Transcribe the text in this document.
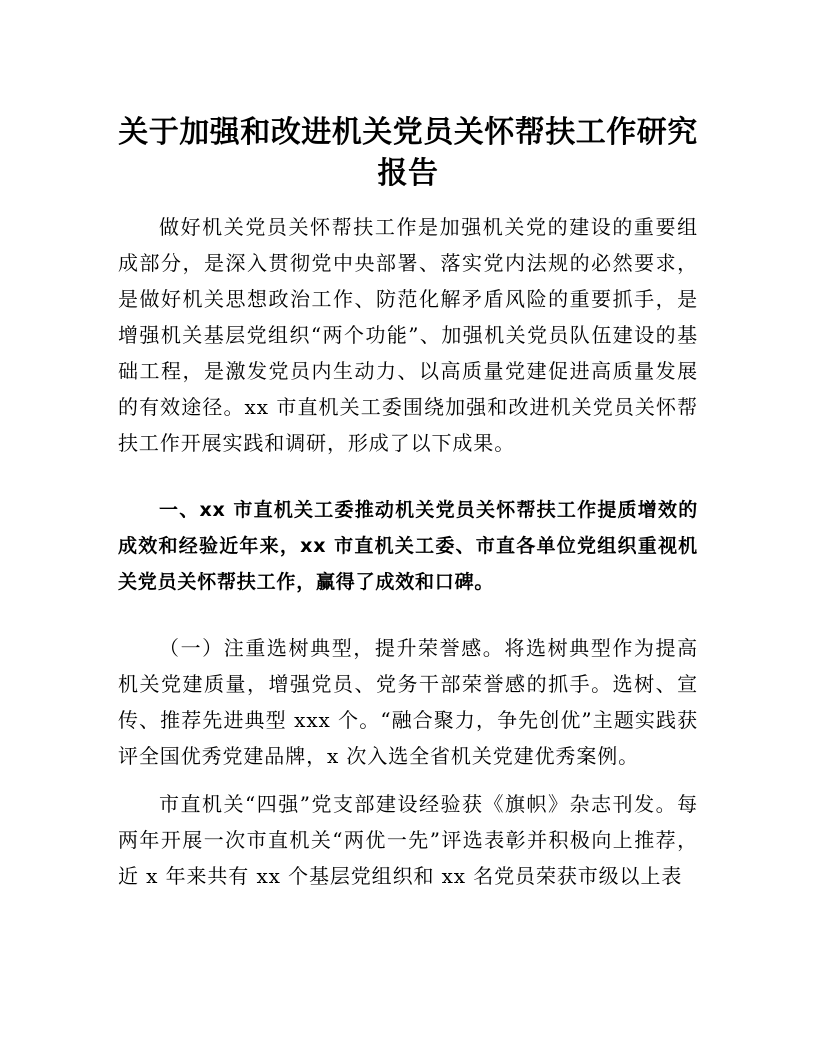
关于加强和改进机关党员关怀帮扶工作研究报告

做好机关党员关怀帮扶工作是加强机关党的建设的重要组成部分，是深入贯彻党中央部署、落实党内法规的必然要求，是做好机关思想政治工作、防范化解矛盾风险的重要抓手，是增强机关基层党组织“两个功能”、加强机关党员队伍建设的基础工程，是激发党员内生动力、以高质量党建促进高质量发展的有效途径。xx 市直机关工委围绕加强和改进机关党员关怀帮扶工作开展实践和调研，形成了以下成果。

一、xx 市直机关工委推动机关党员关怀帮扶工作提质增效的成效和经验近年来，xx 市直机关工委、市直各单位党组织重视机关党员关怀帮扶工作，赢得了成效和口碑。

（一）注重选树典型，提升荣誉感。将选树典型作为提高机关党建质量，增强党员、党务干部荣誉感的抓手。选树、宣传、推荐先进典型 xxx 个。“融合聚力，争先创优”主题实践获评全国优秀党建品牌，x 次入选全省机关党建优秀案例。

市直机关“四强”党支部建设经验获《旗帜》杂志刊发。每两年开展一次市直机关“两优一先”评选表彰并积极向上推荐，近 x 年来共有 xx 个基层党组织和 xx 名党员荣获市级以上表
